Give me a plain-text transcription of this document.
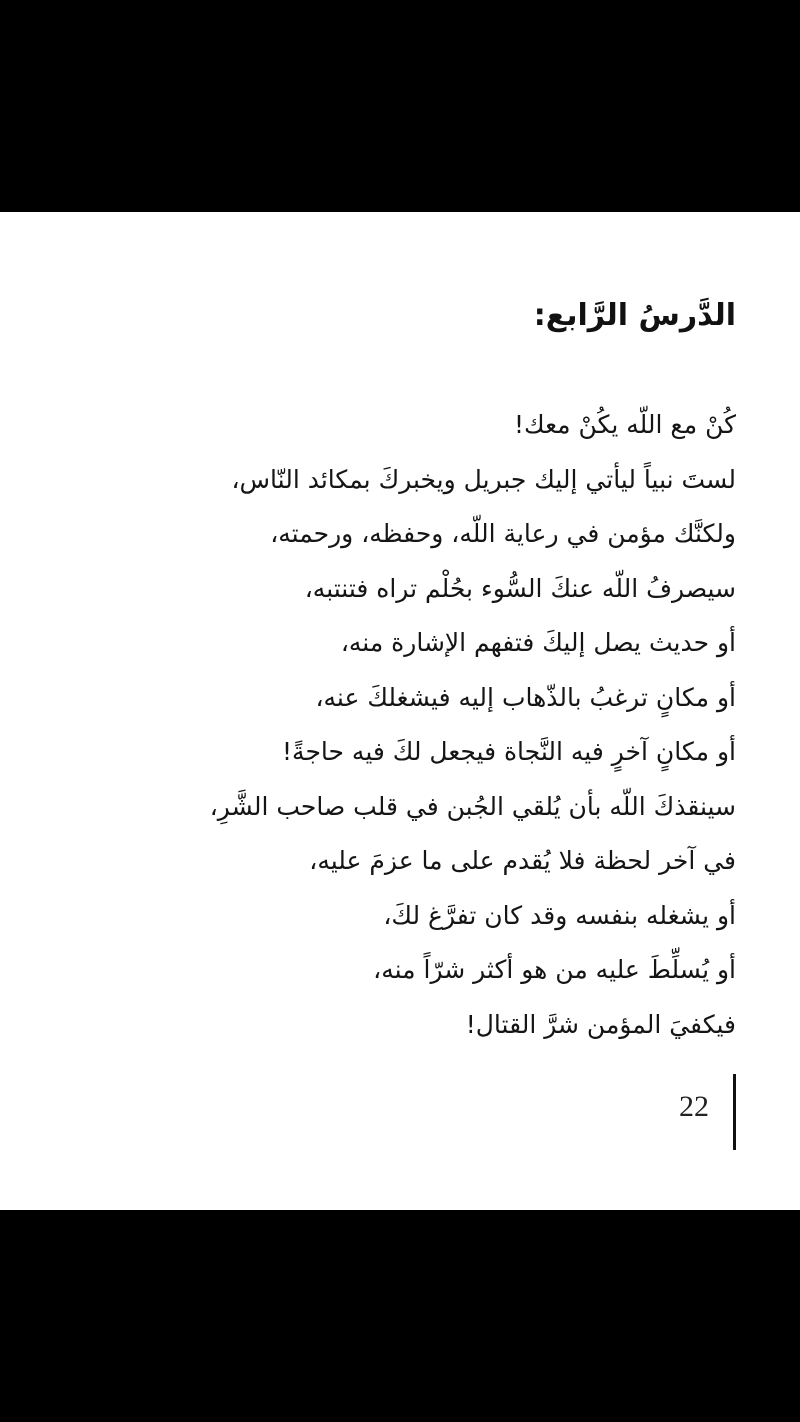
الدَّرسُ الرَّابع:
كُنْ مع اللّه يكُنْ معك!
لستَ نبياً ليأتي إليك جبريل ويخبركَ بمكائد النّاس،
ولكنَّك مؤمن في رعاية اللّه، وحفظه، ورحمته،
سيصرفُ اللّه عنكَ السُّوء بحُلْم تراه فتنتبه،
أو حديث يصل إليكَ فتفهم الإشارة منه،
أو مكانٍ ترغبُ بالذّهاب إليه فيشغلكَ عنه،
أو مكانٍ آخرٍ فيه النَّجاة فيجعل لكَ فيه حاجةً!
سينقذكَ اللّه بأن يُلقي الجُبن في قلب صاحب الشَّرِ،
في آخر لحظة فلا يُقدم على ما عزمَ عليه،
أو يشغله بنفسه وقد كان تفرَّغ لكَ،
أو يُسلِّطَ عليه من هو أكثر شرّاً منه،
فيكفيَ المؤمن شرَّ القتال!
22
